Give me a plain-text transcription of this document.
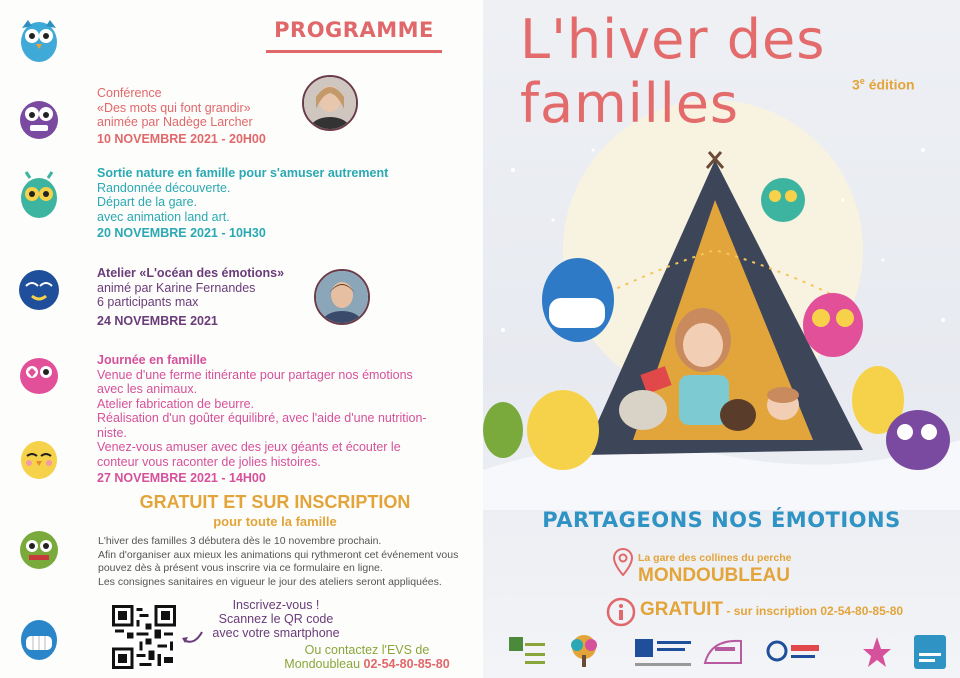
PROGRAMME
Conférence
«Des mots qui font grandir»
animée par Nadège Larcher
10 NOVEMBRE 2021 - 20H00
Sortie nature en famille pour s'amuser autrement
Randonnée découverte.
Départ de la gare.
avec animation land art.
20 NOVEMBRE 2021 - 10H30
Atelier «L'océan des émotions»
animé par Karine Fernandes
6 participants max
24 NOVEMBRE 2021
Journée en famille
Venue d'une ferme itinérante pour partager nos émotions
avec les animaux.
Atelier fabrication de beurre.
Réalisation d'un goûter équilibré, avec l'aide d'une nutrition-
niste.
Venez-vous amuser avec des jeux géants et écouter le
conteur vous raconter de jolies histoires.
27 NOVEMBRE 2021 - 14H00
GRATUIT ET SUR INSCRIPTION
pour toute la famille
L'hiver des familles 3 débutera dès le 10 novembre prochain.
Afin d'organiser aux mieux les animations qui rythmeront cet événement vous pouvez dès à présent vous inscrire via ce formulaire en ligne.
Les consignes sanitaires en vigueur le jour des ateliers seront appliquées.
Inscrivez-vous !
Scannez le QR code
avec votre smartphone
Ou contactez l'EVS de
Mondoubleau 02-54-80-85-80
L'hiver des
familles	3e édition
PARTAGEONS NOS ÉMOTIONS
La gare des collines du perche
MONDOUBLEAU
GRATUIT - sur inscription 02-54-80-85-80
